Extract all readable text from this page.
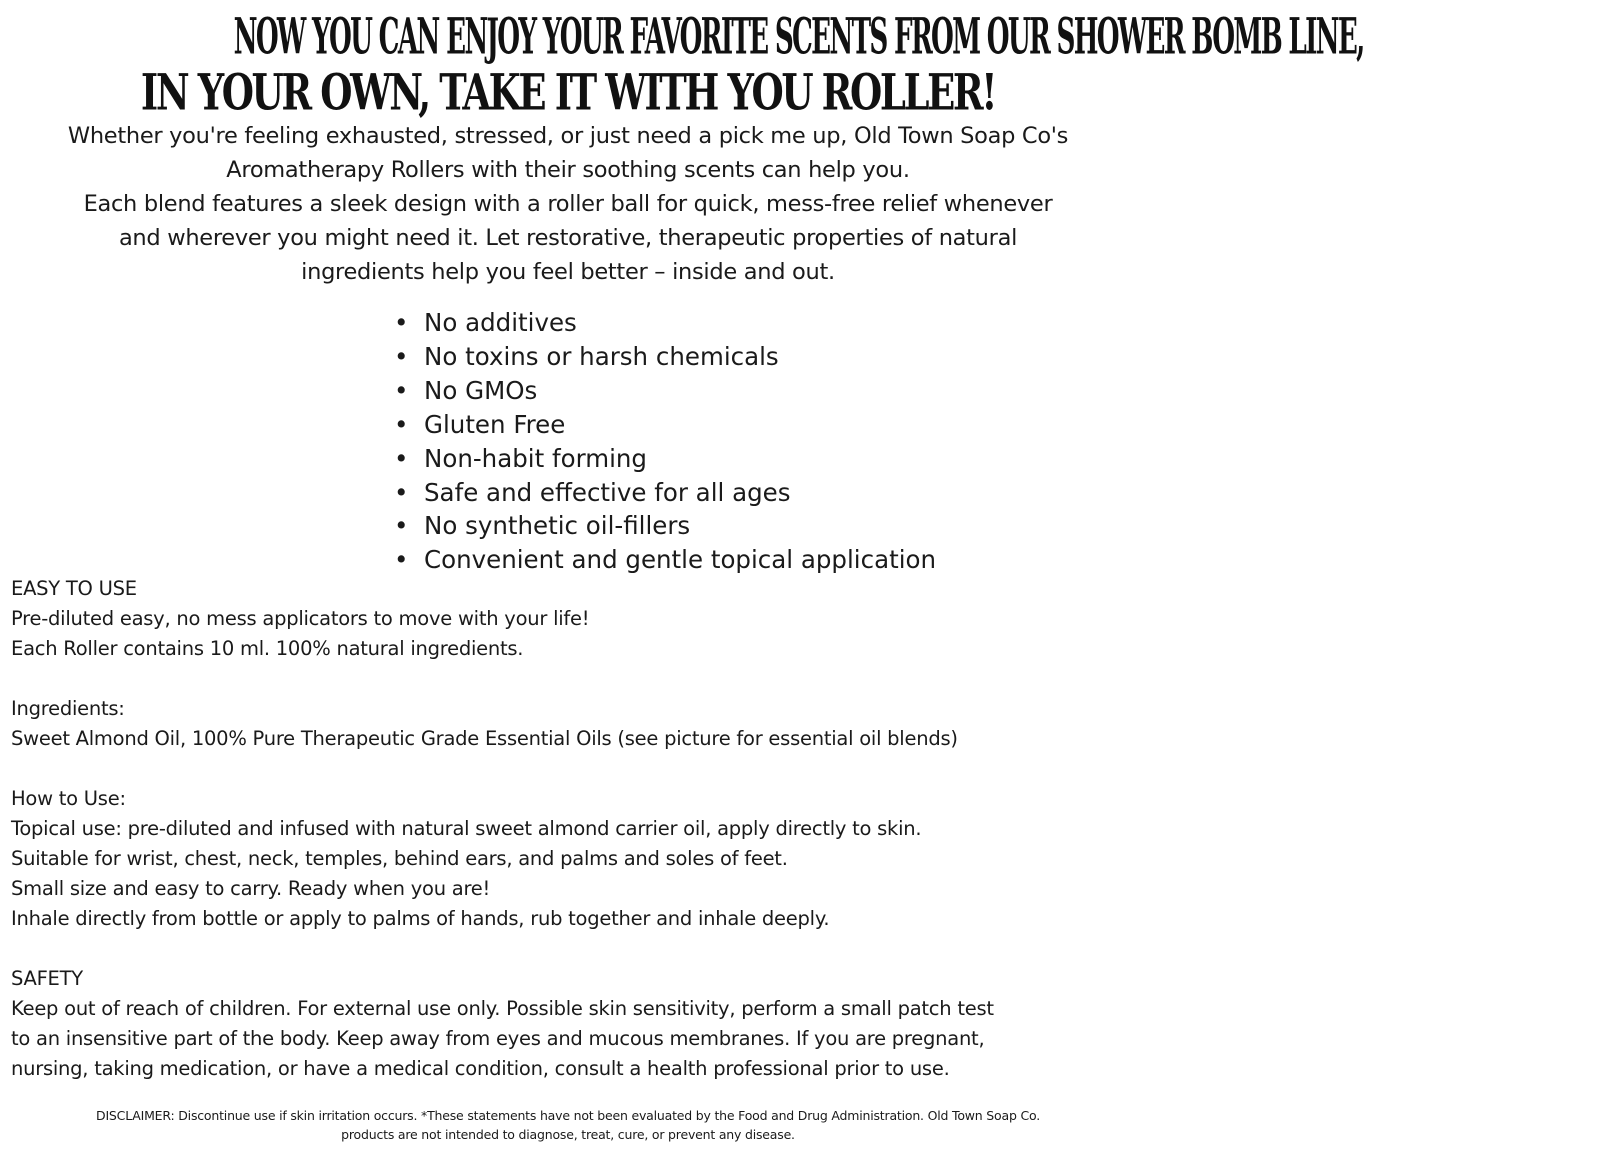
NOW YOU CAN ENJOY YOUR FAVORITE SCENTS FROM OUR SHOWER BOMB LINE,
IN YOUR OWN, TAKE IT WITH YOU ROLLER!

Whether you're feeling exhausted, stressed, or just need a pick me up, Old Town Soap Co's

Aromatherapy Rollers with their soothing scents can help you.

Each blend features a sleek design with a roller ball for quick, mess-free relief whenever

and wherever you might need it. Let restorative, therapeutic properties of natural

ingredients help you feel better – inside and out.

• No additives
• No toxins or harsh chemicals
• No GMOs
• Gluten Free
• Non-habit forming
• Safe and effective for all ages
• No synthetic oil-fillers
• Convenient and gentle topical application
EASY TO USE
Pre-diluted easy, no mess applicators to move with your life!
Each Roller contains 10 ml. 100% natural ingredients.
Ingredients:
Sweet Almond Oil, 100% Pure Therapeutic Grade Essential Oils (see picture for essential oil blends)
How to Use:
Topical use: pre-diluted and infused with natural sweet almond carrier oil, apply directly to skin.
Suitable for wrist, chest, neck, temples, behind ears, and palms and soles of feet.
Small size and easy to carry. Ready when you are!
Inhale directly from bottle or apply to palms of hands, rub together and inhale deeply.
SAFETY
Keep out of reach of children. For external use only. Possible skin sensitivity, perform a small patch test
to an insensitive part of the body. Keep away from eyes and mucous membranes. If you are pregnant,
nursing, taking medication, or have a medical condition, consult a health professional prior to use.

DISCLAIMER: Discontinue use if skin irritation occurs. *These statements have not been evaluated by the Food and Drug Administration. Old Town Soap Co.

products are not intended to diagnose, treat, cure, or prevent any disease.
